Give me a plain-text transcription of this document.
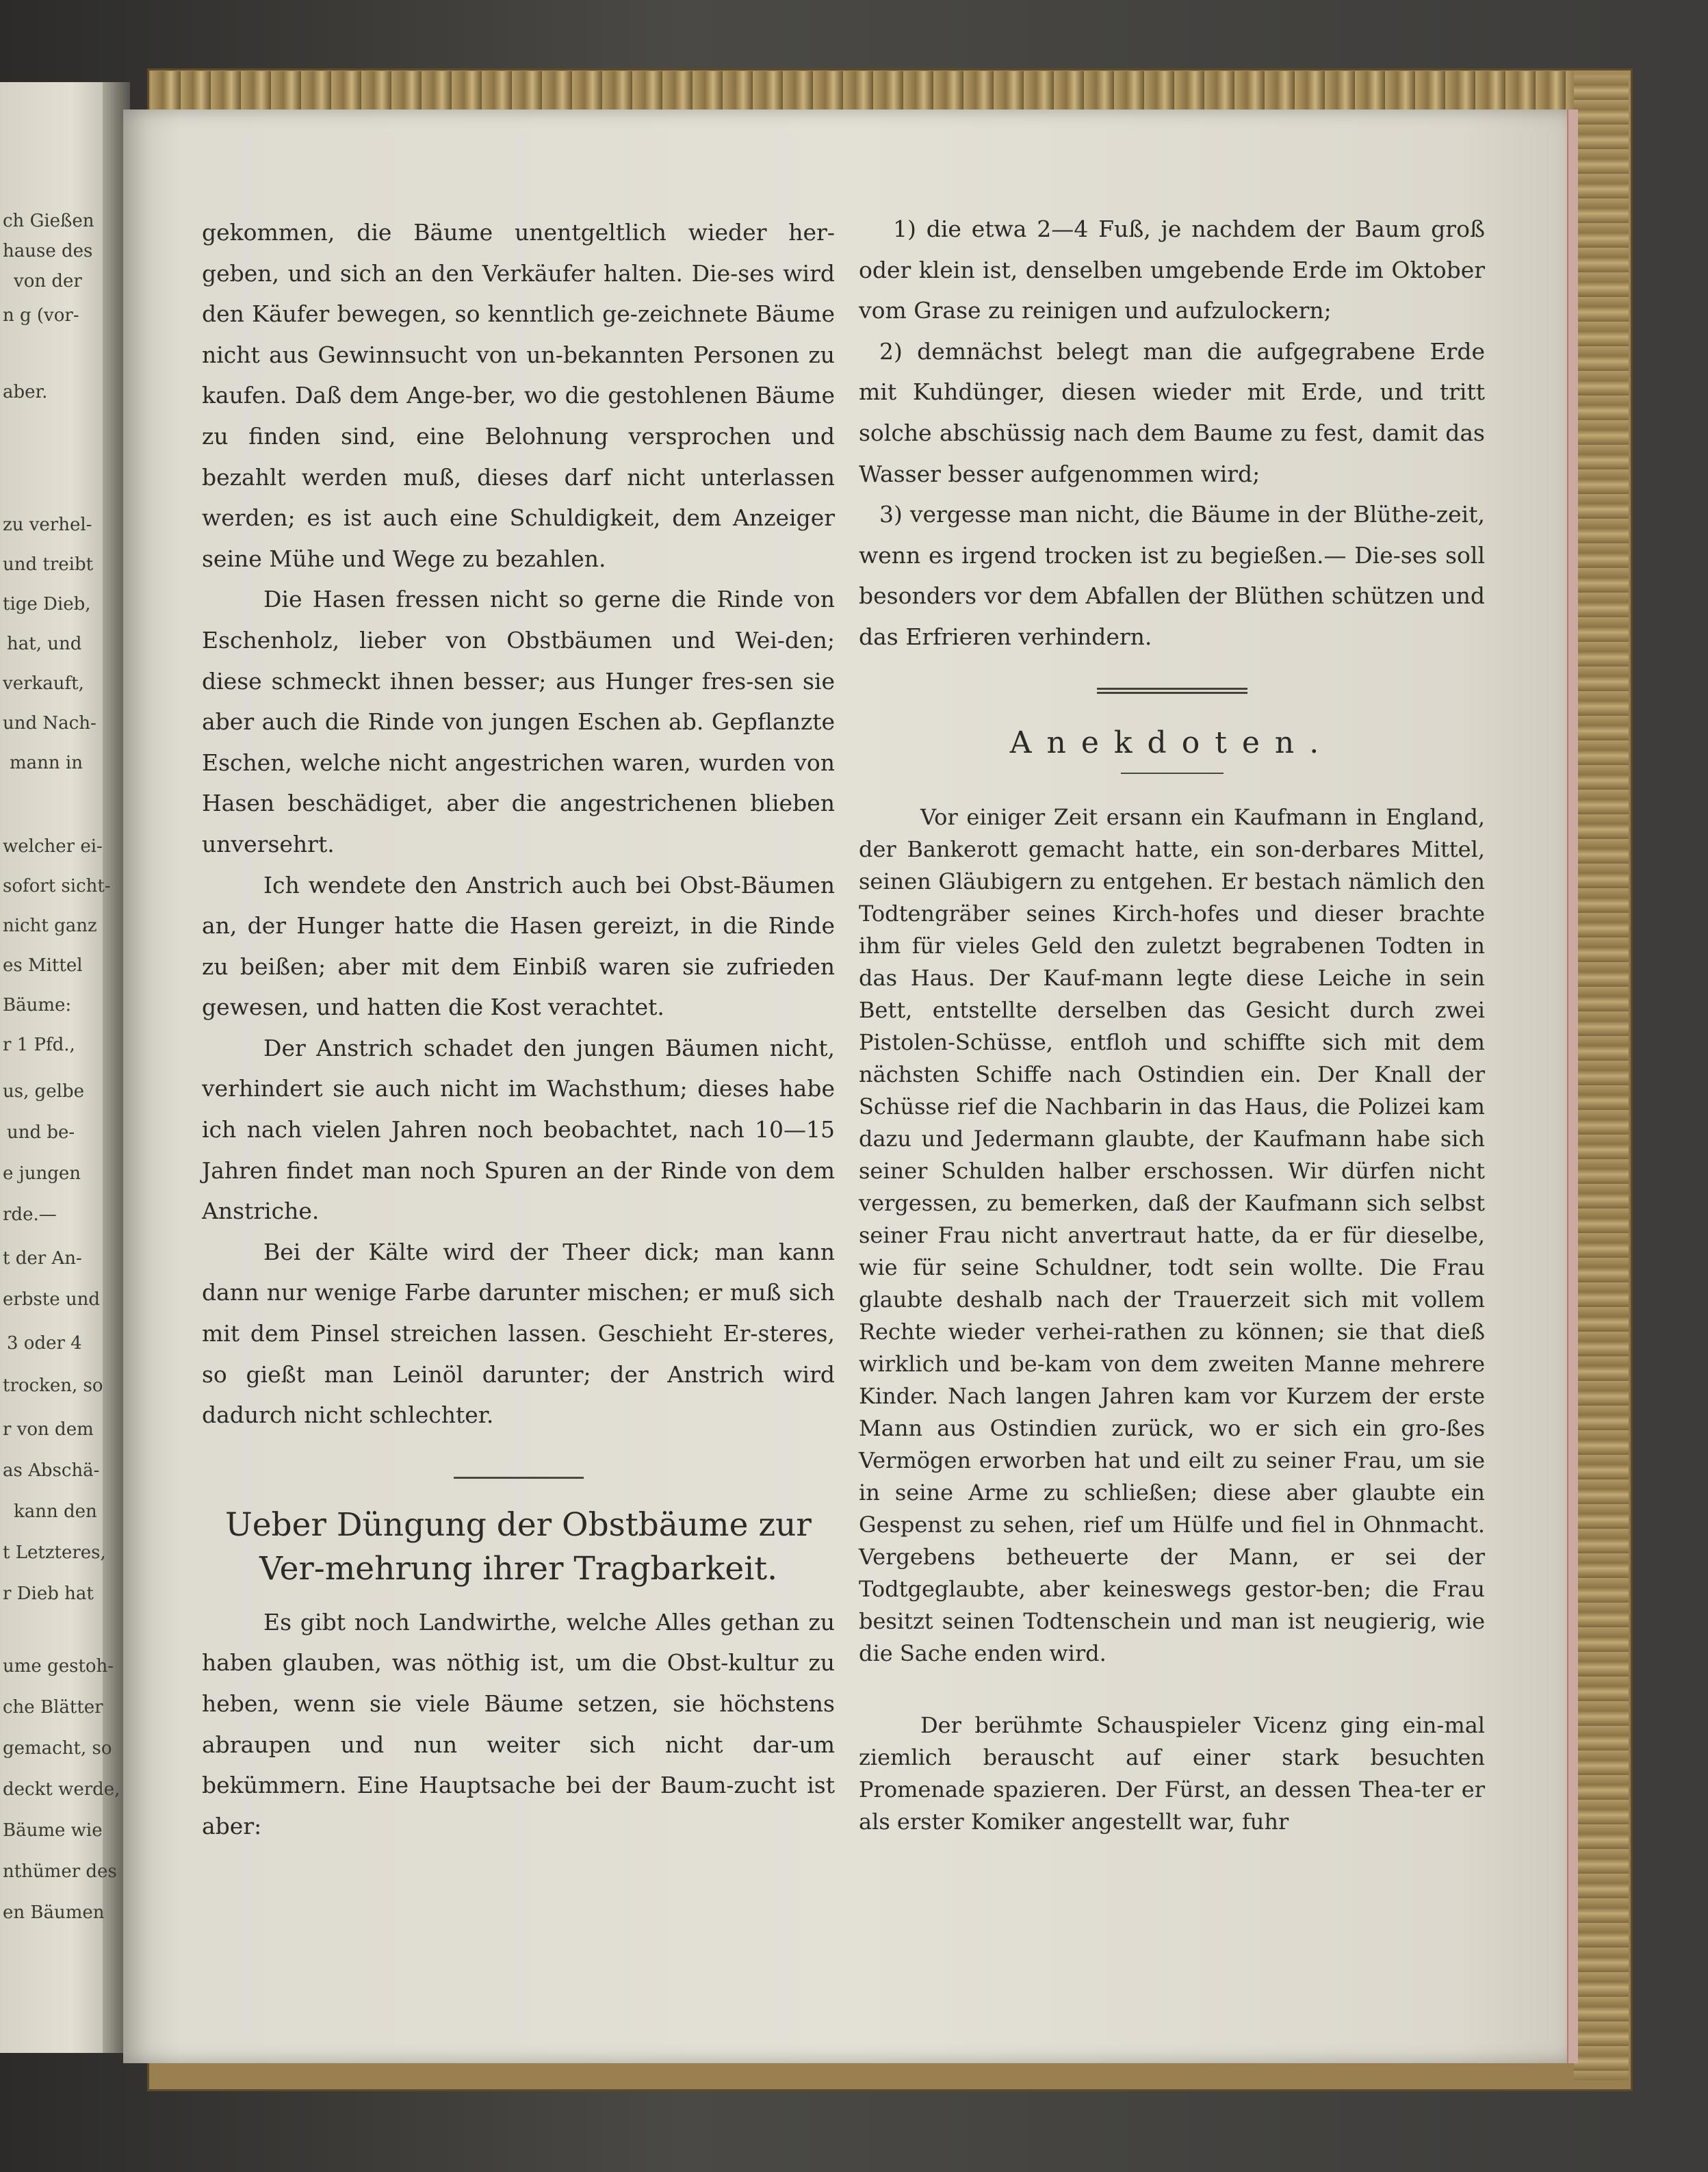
ch Gießen
hause des
von der
n g (vor-
aber.
zu verhel-
und treibt
tige Dieb,
hat, und
verkauft,
und Nach-
mann in
welcher ei-
sofort sicht-
nicht ganz
es Mittel
Bäume:
r 1 Pfd.,
us, gelbe
und be-
e jungen
rde.—
t der An-
erbste und
3 oder 4
trocken, so
r von dem
as Abschä-
kann den
t Letzteres,
r Dieb hat
ume gestoh-
che Blätter
gemacht, so
deckt werde,
Bäume wie
nthümer des
en Bäumen

gekommen, die Bäume unentgeltlich wieder her-geben, und sich an den Verkäufer halten. Die-ses wird den Käufer bewegen, so kenntlich ge-zeichnete Bäume nicht aus Gewinnsucht von un-bekannten Personen zu kaufen. Daß dem Ange-ber, wo die gestohlenen Bäume zu finden sind, eine Belohnung versprochen und bezahlt werden muß, dieses darf nicht unterlassen werden; es ist auch eine Schuldigkeit, dem Anzeiger seine Mühe und Wege zu bezahlen.

Die Hasen fressen nicht so gerne die Rinde von Eschenholz, lieber von Obstbäumen und Wei-den; diese schmeckt ihnen besser; aus Hunger fres-sen sie aber auch die Rinde von jungen Eschen ab. Gepflanzte Eschen, welche nicht angestrichen waren, wurden von Hasen beschädiget, aber die angestrichenen blieben unversehrt.

Ich wendete den Anstrich auch bei Obst-Bäumen an, der Hunger hatte die Hasen gereizt, in die Rinde zu beißen; aber mit dem Einbiß waren sie zufrieden gewesen, und hatten die Kost verachtet.

Der Anstrich schadet den jungen Bäumen nicht, verhindert sie auch nicht im Wachsthum; dieses habe ich nach vielen Jahren noch beobachtet, nach 10—15 Jahren findet man noch Spuren an der Rinde von dem Anstriche.

Bei der Kälte wird der Theer dick; man kann dann nur wenige Farbe darunter mischen; er muß sich mit dem Pinsel streichen lassen. Geschieht Er-steres, so gießt man Leinöl darunter; der Anstrich wird dadurch nicht schlechter.

Ueber Düngung der Obstbäume zur Ver-mehrung ihrer Tragbarkeit.

Es gibt noch Landwirthe, welche Alles gethan zu haben glauben, was nöthig ist, um die Obst-kultur zu heben, wenn sie viele Bäume setzen, sie höchstens abraupen und nun weiter sich nicht dar-um bekümmern. Eine Hauptsache bei der Baum-zucht ist aber:

1) die etwa 2—4 Fuß, je nachdem der Baum groß oder klein ist, denselben umgebende Erde im Oktober vom Grase zu reinigen und aufzulockern;

2) demnächst belegt man die aufgegrabene Erde mit Kuhdünger, diesen wieder mit Erde, und tritt solche abschüssig nach dem Baume zu fest, damit das Wasser besser aufgenommen wird;

3) vergesse man nicht, die Bäume in der Blüthe-zeit, wenn es irgend trocken ist zu begießen.— Die-ses soll besonders vor dem Abfallen der Blüthen schützen und das Erfrieren verhindern.

Anekdoten.

Vor einiger Zeit ersann ein Kaufmann in England, der Bankerott gemacht hatte, ein son-derbares Mittel, seinen Gläubigern zu entgehen. Er bestach nämlich den Todtengräber seines Kirch-hofes und dieser brachte ihm für vieles Geld den zuletzt begrabenen Todten in das Haus. Der Kauf-mann legte diese Leiche in sein Bett, entstellte derselben das Gesicht durch zwei Pistolen-Schüsse, entfloh und schiffte sich mit dem nächsten Schiffe nach Ostindien ein. Der Knall der Schüsse rief die Nachbarin in das Haus, die Polizei kam dazu und Jedermann glaubte, der Kaufmann habe sich seiner Schulden halber erschossen. Wir dürfen nicht vergessen, zu bemerken, daß der Kaufmann sich selbst seiner Frau nicht anvertraut hatte, da er für dieselbe, wie für seine Schuldner, todt sein wollte. Die Frau glaubte deshalb nach der Trauerzeit sich mit vollem Rechte wieder verhei-rathen zu können; sie that dieß wirklich und be-kam von dem zweiten Manne mehrere Kinder. Nach langen Jahren kam vor Kurzem der erste Mann aus Ostindien zurück, wo er sich ein gro-ßes Vermögen erworben hat und eilt zu seiner Frau, um sie in seine Arme zu schließen; diese aber glaubte ein Gespenst zu sehen, rief um Hülfe und fiel in Ohnmacht. Vergebens betheuerte der Mann, er sei der Todtgeglaubte, aber keineswegs gestor-ben; die Frau besitzt seinen Todtenschein und man ist neugierig, wie die Sache enden wird.

Der berühmte Schauspieler Vicenz ging ein-mal ziemlich berauscht auf einer stark besuchten Promenade spazieren. Der Fürst, an dessen Thea-ter er als erster Komiker angestellt war, fuhr
